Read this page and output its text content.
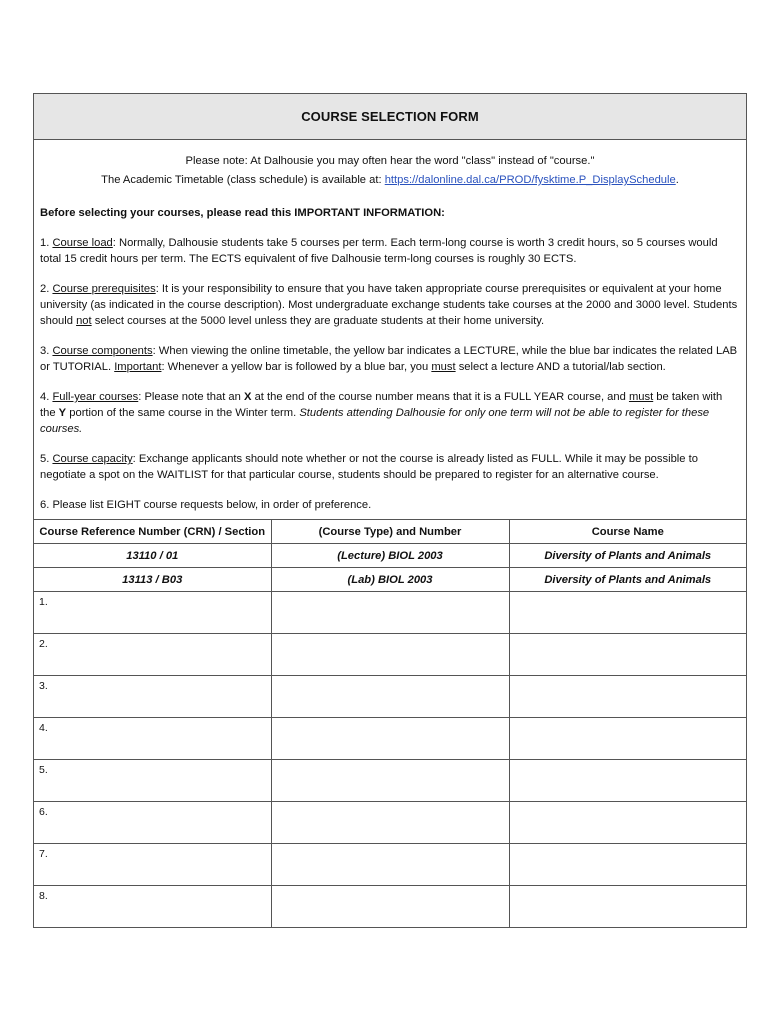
COURSE SELECTION FORM
Please note: At Dalhousie you may often hear the word "class" instead of "course."
The Academic Timetable (class schedule) is available at: https://dalonline.dal.ca/PROD/fysktime.P_DisplaySchedule.
Before selecting your courses, please read this IMPORTANT INFORMATION:
1. Course load: Normally, Dalhousie students take 5 courses per term. Each term-long course is worth 3 credit hours, so 5 courses would total 15 credit hours per term. The ECTS equivalent of five Dalhousie term-long courses is roughly 30 ECTS.
2. Course prerequisites: It is your responsibility to ensure that you have taken appropriate course prerequisites or equivalent at your home university (as indicated in the course description). Most undergraduate exchange students take courses at the 2000 and 3000 level. Students should not select courses at the 5000 level unless they are graduate students at their home university.
3. Course components: When viewing the online timetable, the yellow bar indicates a LECTURE, while the blue bar indicates the related LAB or TUTORIAL. Important: Whenever a yellow bar is followed by a blue bar, you must select a lecture AND a tutorial/lab section.
4. Full-year courses: Please note that an X at the end of the course number means that it is a FULL YEAR course, and must be taken with the Y portion of the same course in the Winter term. Students attending Dalhousie for only one term will not be able to register for these courses.
5. Course capacity: Exchange applicants should note whether or not the course is already listed as FULL. While it may be possible to negotiate a spot on the WAITLIST for that particular course, students should be prepared to register for an alternative course.
6. Please list EIGHT course requests below, in order of preference.
Course Reference Number (CRN) / Section	(Course Type) and Number	Course Name
13110 / 01	(Lecture) BIOL 2003	Diversity of Plants and Animals
13113 / B03	(Lab) BIOL 2003	Diversity of Plants and Animals
1.		
2.		
3.		
4.		
5.		
6.		
7.		
8.		
